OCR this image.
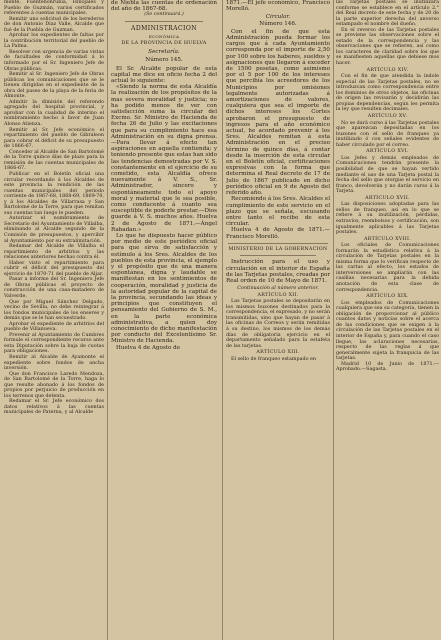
mente, Fuentehonrubia, Hinojales y Pueblo de Guzmán, varios certificados referentes á cuentas municipales.

Remitir uno solicitud de los herederos de don Antonio Díaz Valle, Alcalde que fué de la Puebla de Guzman.

Aprobar los expedientes de faltas por la contribución territorial del pueblo de La Palma.

Resolver con urgencia de varias vistas de facultades de conformidad á lo informado por el Sr. Ingeniero Jefe de Obras públicas.

Remitir al Sr. Ingeniero Jefe de Obras públicas los comunicaciones que se le tienen dirigidas en el expediente de la obra del paseo de la playa de la feria de Almonte.

Admitir la dimisión del referendo agregado del hospital provincial, y aprobar con la cualidad de interino el nombramiento hecho á favor de Juan Alonso Atienza.

Remitir al Sr. Jefe económico el repartimiento del pueblo de Gibraleon para cobrar el déficit de su presupuesto de 1866-67.

Conceder al Alcalde de San Bartolomé de la Torre quince días de plazo para la remisión de las cuentas municipales de 1866-67.

Publicar en el Boletín oficial una circular recordando á los Alcaldes de este provincia la rendición de las cuentas municipales del periodo corriente de 1867-68, 1868-69, 1869-70, y á los Alcaldes de Villarrasa y San Bartolomé de la Torre, para que remitan sus cuentas tan luego le pueden.

Autorizar el nombramiento de Secretario del Ayuntamiento de Villalba, eliminando al Alcalde segundo de la Comisión de presupuestos, y apercibir al Ayuntamiento por su extralimitación.

Redamar del Alcalde de Villalba el repartimiento de arbitrios y las relaciones anteriores hechas contra él.

Haber visto el repartimiento para cubrir el déficit del presupuesto del ejercicio de 1870-71 del pueblo de Aljar.

Pasar a informe del Sr. Ingeniero Jefe de Obras públicas el proyecto de construcción de una casa-matadero de Valverde.

Que por Miguel Sánchez Delgado, vecino de Sevilla, no debe reintegrar á los fondos municipales de los enseres y demás que se le han secuestrado.

Aprobar el expediente de arbitrios del pueblo de Villanueva.

Prevenir al Ayuntamiento de Cumbres formule el correspondiente recurso ante esta Diputación sobre la baja de cuotas para obligaciones.

Remitir al Alcalde de Ayamonte el expediente sobre fondos de ancha inversión.

Que don Francisco Laredo Mendoza, de San Bartolomé de la Torre, haga lo que resulte abonado á los fondos de propios por perjuicio de producción en los terrenos que detenta.

Redamar el Sr. Jefe económico dos datos relativos á las cuentas municipales de Paterna, y al Alcalde

de Niebla las cuentas de ordenación del año de 1867-68.

(Se continuará.)

ADMINISTRACION

ECONÓMICA

DE LA PROVINCIA DE HUELVA

Secretaría.

Número 145.

El Sr. Alcalde popular de esta capital me dice en oficio fecha 2 del actual lo siguiente:

«Siendo la norma de esta Alcaldía la realización de los propósitos de la mas severa moralidad y justicia; no ha podido menos de ver con satisfacción suma la circular del Excmo. Sr. Ministro de Hacienda de fecha 26 de Julio y las excitaciones que para su cumplimiento hace esa Administración en su digna prensa.—Para llevar á efecto tan aspiraciones en aquella contienda; y teniendo presente que estas han sido las tendencias demostradas por V. S. constantemente en el ejercicio de su cometido, esta Alcaldía ofrece nuevamente á V. S., Sr. Administrador, sincero y espontáneamente todo el apoyo moral y material que le sea posible, como conducente á cuanto sea susceptible de poderle prestar.—Dios guarde á V. S. muchos años. Huelva 2 de Agosto de 1871.—Ángel Rabadan.»

Lo que he dispuesto hacer público por medio de este periódico oficial para que sirva de satisfacción y estímulo á los Sres. Alcaldes de los pueblos de esta provincia, el ejemplo y el propósito que de una manera espontánea, digna y laudable se manifiestan en los sentimientos de cooperación, moralidad y justicia de la autoridad popular de la capital de la provincia, secundando las ideas y principios que constituyen el pensamiento del Gobierno de S. M., en la parte económica administrativa, a quien doy conocimiento de dicho manifestación por conducto del Excelentísimo Sr. Ministro de Hacienda.

Huelva 4 de Agosto de

1871.—El jefe económico, Francisco Morelló.

Circular.

Número 146.

Con el fin de que esta Administración pueda formar los cargos que á cada Ayuntamiento corresponda por el importe de 2,50 por 100 sobre los haberes, sueldos y asignaciones que llegaron á exceder de 1500 pesetas, como asimismo por el 5 por 100 de los intereses que percibía los acreedores de los Municipios por omisiones legalmente autorizadas á amortizaciones de valores, cualquiera que sea el importe de dichos intereses los Cortes aprobaron el presupuesto de ingresos para el año económico actual, he acordado prevenir á los Sres. Alcaldes remitan á esta Administración en el preciso término de quince días, á contar desde la inserción de esta circular en el Boletín oficial, certificaciones expresivas con la forma que determina el Real decreto de 17 de Julio de 1867 publicado en dicho periódico oficial en 9 de Agosto del referido año.

Recomiendo á los Sres. Alcaldes el cumplimiento de este servicio en el plazo que se señala, escusando entre tanto el recibo de esta circular.

Huelva 4 de Agosto de 1871.—Francisco Morelló.

MINISTERIO DE LA GOBERNACION

Instrucción para el uso y circulación en el interior de España de las Tarjetas postales, creadas por Real orden de 10 de Mayo de 1871.

Continuación al número anterior.

ARTÍCULO XII.

Las Tarjetas postales se depositarán en los mismos buzones destinados para la correspondencia, el expresado, y no serán transmitidas, sino que hayan de pasar á las oficinas de Correos y serán remitidas á su destino, los mismos de los demás días de obligatoria ejercicio en el departamento señalado para la estafeta de las tarjetas.

ARTÍCULO XIII.

El sello de franqueo estampado en

las Tarjetas postales se inutilizará conforme se establece en el artículo 2.° del Real decreto de este fecha y de 20 de la parte superior derecha del anverso estampado el nombre del dueño.

En el reverso de las Tarjetas postales se previene las observaciones sobre el estado de la correspondencia y las observaciones que se refieren, así como los caracteres de claridad sobre los que se manifiesten aquellas que debiese mos hacer.

ARTÍCULO XIV.

Con el fin de que atendida la índole especial de las Tarjetas postales, no se introduzcan como correspondencia entre los dominios de otros objetos, las oficinas de origen las revisarán y decidirán las propias dependencias, según les permita la ley que resulten decimales.

ARTÍCULO XV.

No se dará curso á las Tarjetas postales que aparezcan depositadas en los buzones con el sello de franqueo ya inutilizado ó con señales evidentes de haber circulado por el correo.

ARTÍCULO XVI.

Los Jefes y demás empleados de Comunicaciones tendrán presente la posibilidad de que se hayan vertido mediante el uso de una Tarjeta postal la fecha del sello que otorgue el servicio en franco, devolverán y no darán curso á la Tarjeta.

ARTÍCULO XVII.

Las disposiciones adoptadas para las sellos de franqueo, así en lo que se refiere á su inutilización, pérdidas, extravíos, reembolsos y certificación, son igualmente aplicables á las Tarjetas postales.

ARTÍCULO XVIII.

Los oficiales de Comunicaciones formarán la estadística relativa á la circulación de Tarjetas postales en la misma forma que lo verifican respecto de las cartas al efecto, los estados de interversiones se ampliarán con las casillas necesarias para la debida anotación de esta clase de correspondencia.

ARTÍCULO XIX.

Los empleados de Comunicaciones cualquiera que sea su categoría, tienen la obligación de proporcionar al público cuantos datos y noticias sobre el acerca de las condiciones que se exigen á la circulación de las Tarjetas postales en el interior de España y, para cuando el caso llegue, las aclaraciones necesarias, respecto de las reglas á que generalmente sujeta la franquicia de las tarjetas.

Madrid 10 de Junio de 1871.—Aprobado.—Sagasta.
